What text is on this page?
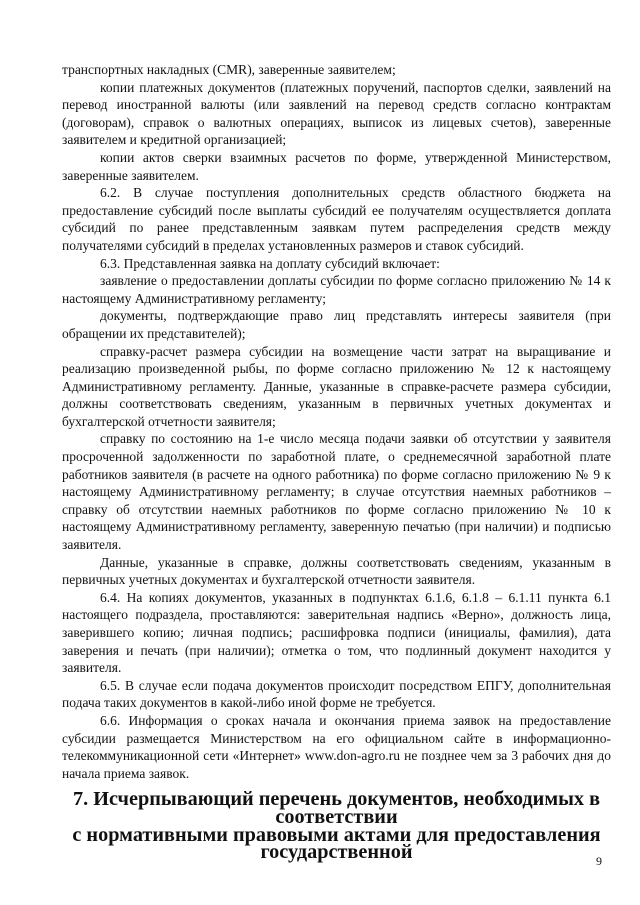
транспортных накладных (CMR), заверенные заявителем;

копии платежных документов (платежных поручений, паспортов сделки, заявлений на перевод иностранной валюты (или заявлений на перевод средств согласно контрактам (договорам), справок о валютных операциях, выписок из лицевых счетов), заверенные заявителем и кредитной организацией;

копии актов сверки взаимных расчетов по форме, утвержденной Министерством, заверенные заявителем.

6.2. В случае поступления дополнительных средств областного бюджета на предоставление субсидий после выплаты субсидий ее получателям осуществляется доплата субсидий по ранее представленным заявкам путем распределения средств между получателями субсидий в пределах установленных размеров и ставок субсидий.

6.3. Представленная заявка на доплату субсидий включает:

заявление о предоставлении доплаты субсидии по форме согласно приложению № 14 к настоящему Административному регламенту;

документы, подтверждающие право лиц представлять интересы заявителя (при обращении их представителей);

справку-расчет размера субсидии на возмещение части затрат на выращивание и реализацию произведенной рыбы, по форме согласно приложению № 12 к настоящему Административному регламенту. Данные, указанные в справке-расчете размера субсидии, должны соответствовать сведениям, указанным в первичных учетных документах и бухгалтерской отчетности заявителя;

справку по состоянию на 1-е число месяца подачи заявки об отсутствии у заявителя просроченной задолженности по заработной плате, о среднемесячной заработной плате работников заявителя (в расчете на одного работника) по форме согласно приложению № 9 к настоящему Административному регламенту; в случае отсутствия наемных работников – справку об отсутствии наемных работников по форме согласно приложению № 10 к настоящему Административному регламенту, заверенную печатью (при наличии) и подписью заявителя.

Данные, указанные в справке, должны соответствовать сведениям, указанным в первичных учетных документах и бухгалтерской отчетности заявителя.

6.4. На копиях документов, указанных в подпунктах 6.1.6, 6.1.8 – 6.1.11 пункта 6.1 настоящего подраздела, проставляются: заверительная надпись «Верно», должность лица, заверившего копию; личная подпись; расшифровка подписи (инициалы, фамилия), дата заверения и печать (при наличии); отметка о том, что подлинный документ находится у заявителя.

6.5. В случае если подача документов происходит посредством ЕПГУ, дополнительная подача таких документов в какой-либо иной форме не требуется.

6.6. Информация о сроках начала и окончания приема заявок на предоставление субсидии размещается Министерством на его официальном сайте в информационно-телекоммуникационной сети «Интернет» www.don-agro.ru не позднее чем за 3 рабочих дня до начала приема заявок.

7. Исчерпывающий перечень документов, необходимых в соответствии
с нормативными правовыми актами для предоставления государственной	9
